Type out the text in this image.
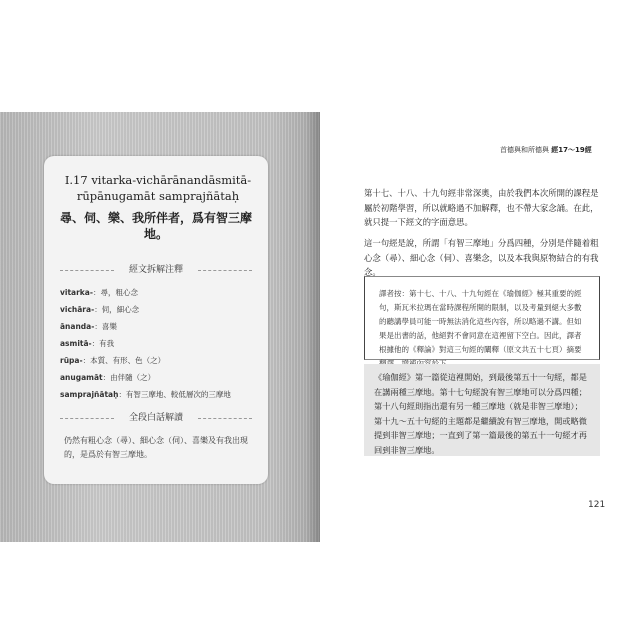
I.17 vitarka-vichārānandāsmitā-rūpānugamāt samprajñātaḥ
尋、伺、樂、我所伴者，爲有智三摩地。
經文拆解注釋
vitarka-：尋，粗心念
vichāra-：伺，細心念
ānanda-：喜樂
asmitā-：有我
rūpa-：本質、有形、色（之）
anugamāt：由伴隨（之）
samprajñātaḥ：有智三摩地、較低層次的三摩地
全段白話解讀
仍然有粗心念（尋）、細心念（伺）、喜樂及有我出現的，是爲於有智三摩地。
首德與和所德與 經17～19經
第十七、十八、十九句經非常深奧，由於我們本次所開的課程是屬於初階學習，所以就略過不加解釋，也不帶大家念誦。在此，就只提一下經文的字面意思。
這一句經是說，所謂「有智三摩地」分爲四種，分別是伴隨着粗心念（尋）、細心念（伺）、喜樂念，以及本我與原物結合的有我念。

譯者按：第十七、十八、十九句經在《瑜伽經》極其重要的經句，斯瓦米拉瑪在當時課程所開的限制，以及考量到絕大多數的聽講學員可能一時無法消化這些內容，所以略過不講。但如果是出書的話，他絕對不會同意在這裡留下空白。因此，譯者根據他的《釋論》對這三句經的闡釋（原文共五十七頁）摘要

《瑜伽經》第一篇從這裡開始，到最後第五十一句經，都是在講兩種三摩地。第十七句經說有智三摩地可以分爲四種；第十八句經則指出還有另一種三摩地（就是非智三摩地）；第十九～五十句經的主題都是繼續說有智三摩地，開或略微提到非智三摩地；一直到了第一篇最後的第五十一句經才再回到非智三摩地。

121
